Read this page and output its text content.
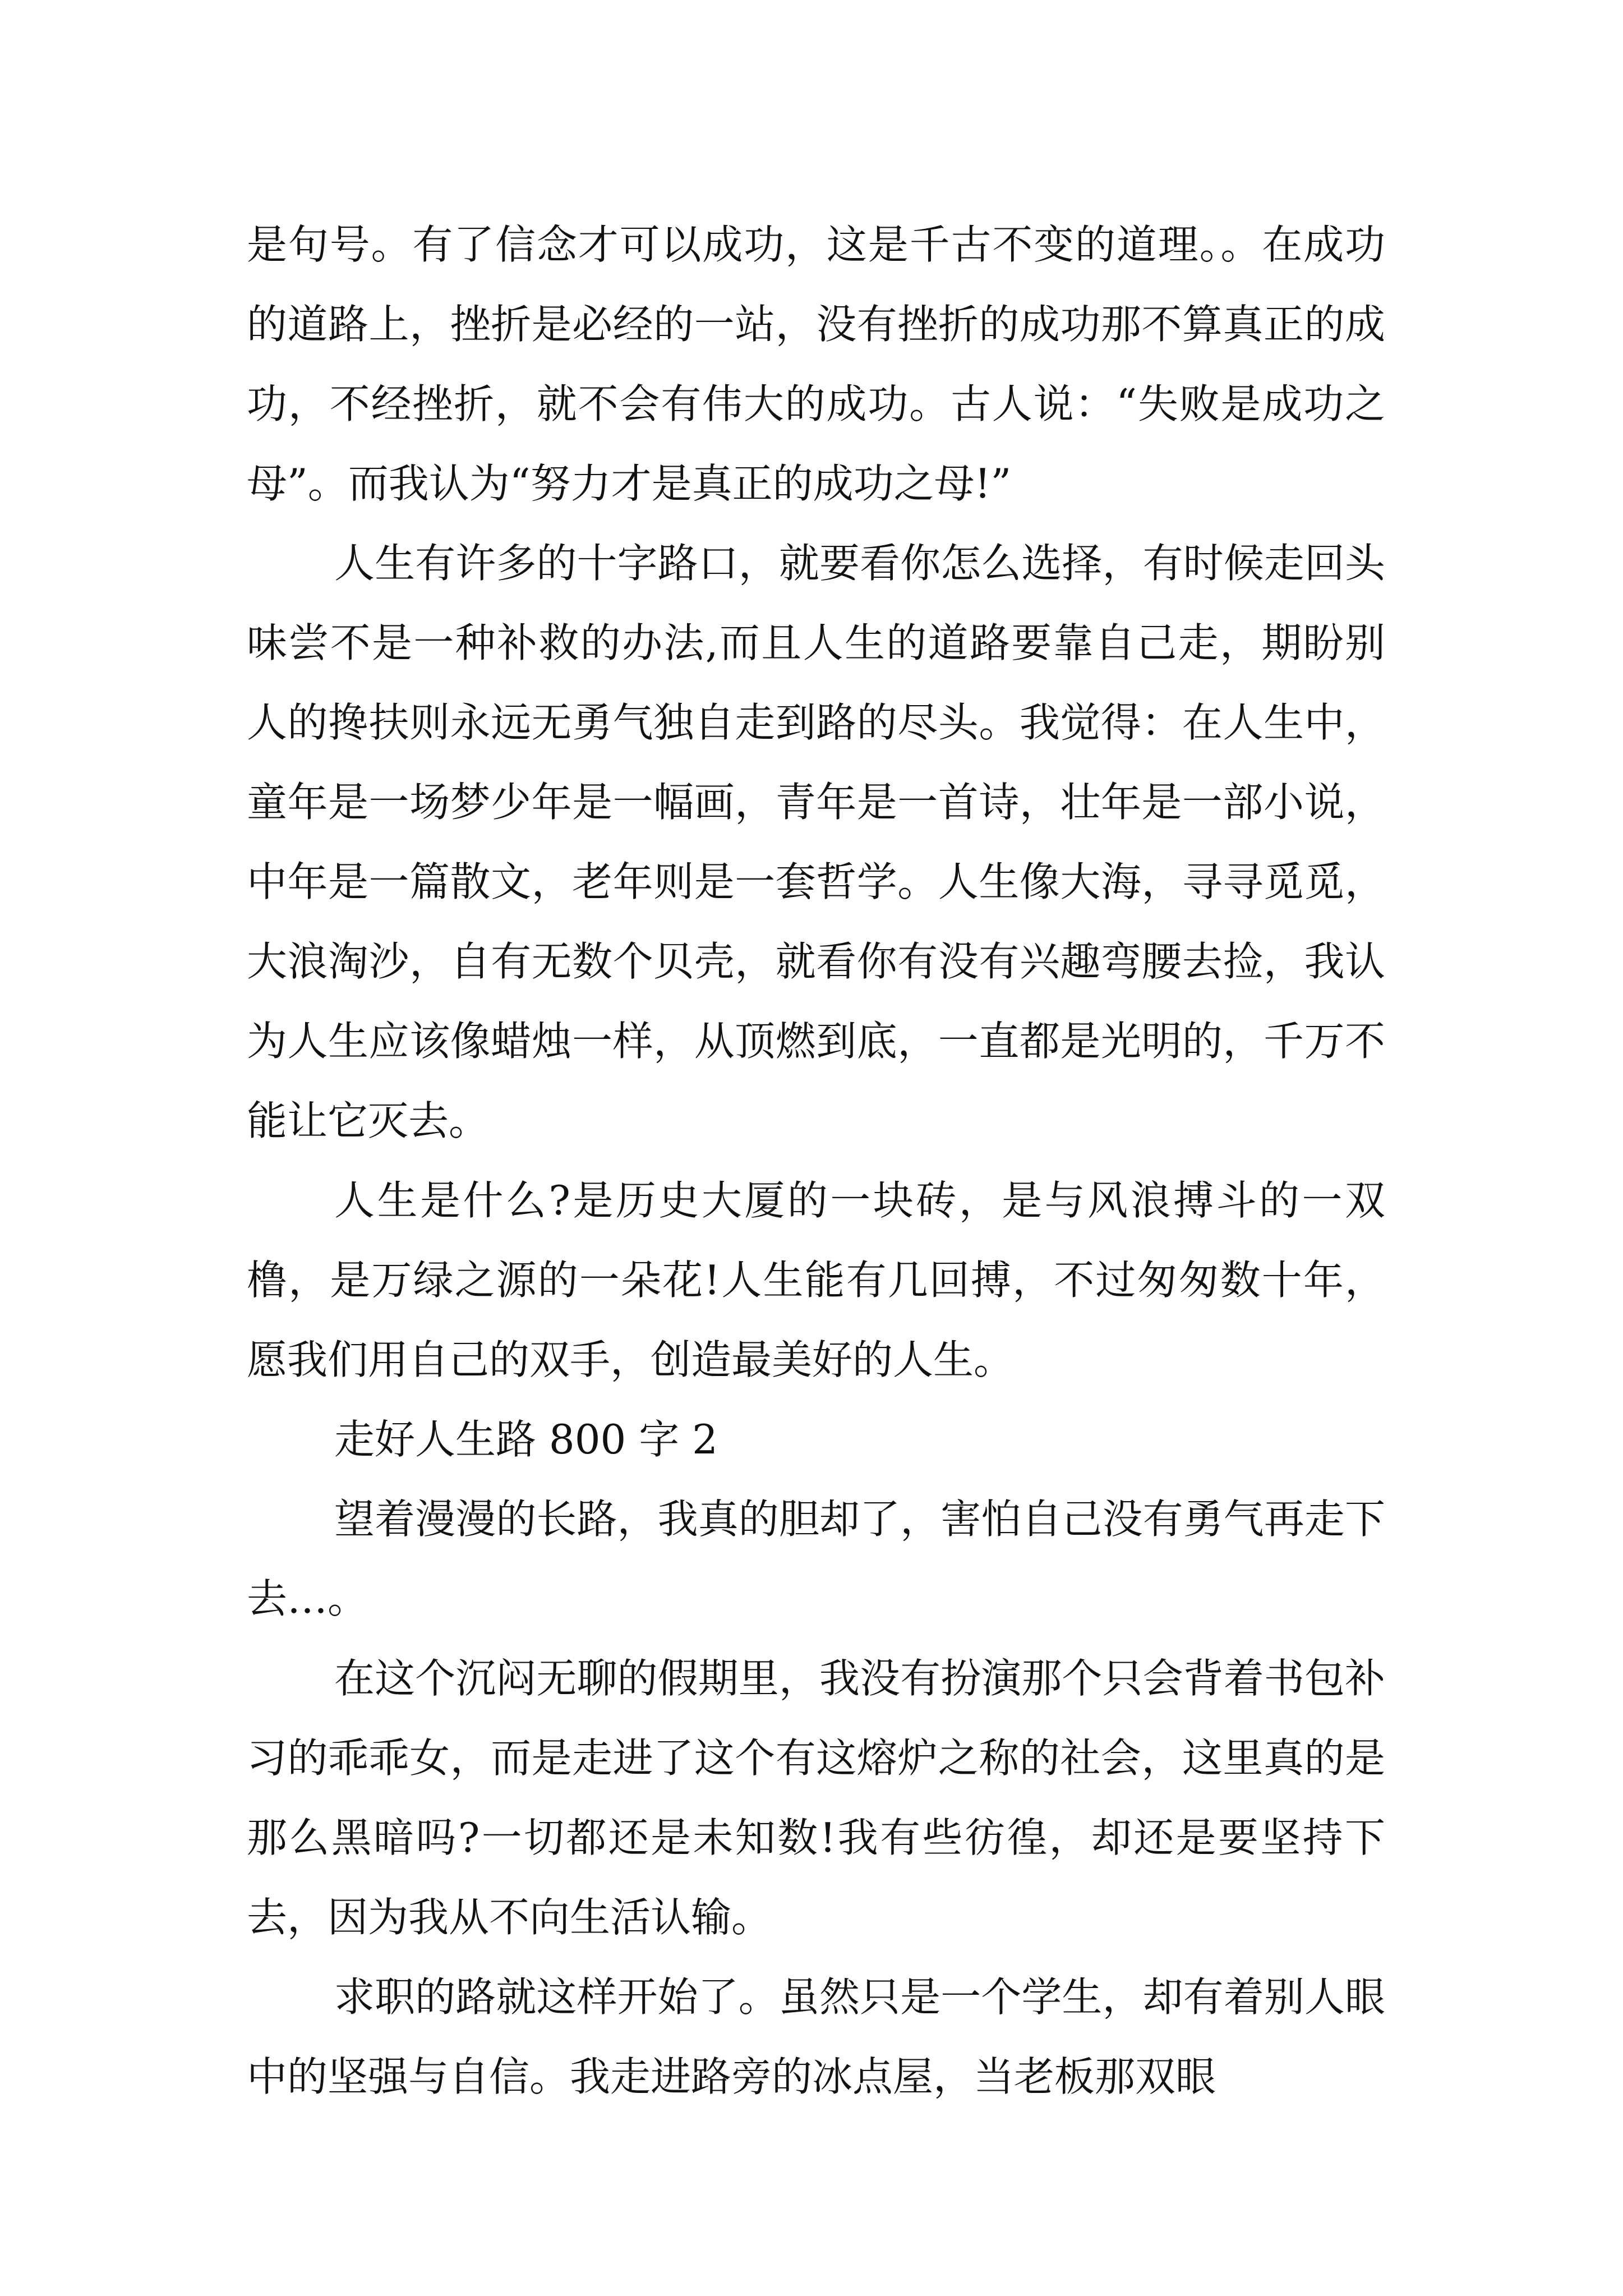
是句号。有了信念才可以成功，这是千古不变的道理。。在成功的道路上，挫折是必经的一站，没有挫折的成功那不算真正的成功，不经挫折，就不会有伟大的成功。古人说：“失败是成功之母”。而我认为“努力才是真正的成功之母!”

人生有许多的十字路口，就要看你怎么选择，有时候走回头味尝不是一种补救的办法,而且人生的道路要靠自己走，期盼别人的搀扶则永远无勇气独自走到路的尽头。我觉得：在人生中，童年是一场梦少年是一幅画，青年是一首诗，壮年是一部小说，中年是一篇散文，老年则是一套哲学。人生像大海，寻寻觅觅，大浪淘沙，自有无数个贝壳，就看你有没有兴趣弯腰去捡，我认为人生应该像蜡烛一样，从顶燃到底，一直都是光明的，千万不能让它灭去。

人生是什么?是历史大厦的一块砖，是与风浪搏斗的一双橹，是万绿之源的一朵花!人生能有几回搏，不过匆匆数十年，愿我们用自己的双手，创造最美好的人生。

走好人生路 800 字 2

望着漫漫的长路，我真的胆却了，害怕自己没有勇气再走下去…。

在这个沉闷无聊的假期里，我没有扮演那个只会背着书包补习的乖乖女，而是走进了这个有这熔炉之称的社会，这里真的是那么黑暗吗?一切都还是未知数!我有些彷徨，却还是要坚持下去，因为我从不向生活认输。

求职的路就这样开始了。虽然只是一个学生，却有着别人眼中的坚强与自信。我走进路旁的冰点屋，当老板那双眼
